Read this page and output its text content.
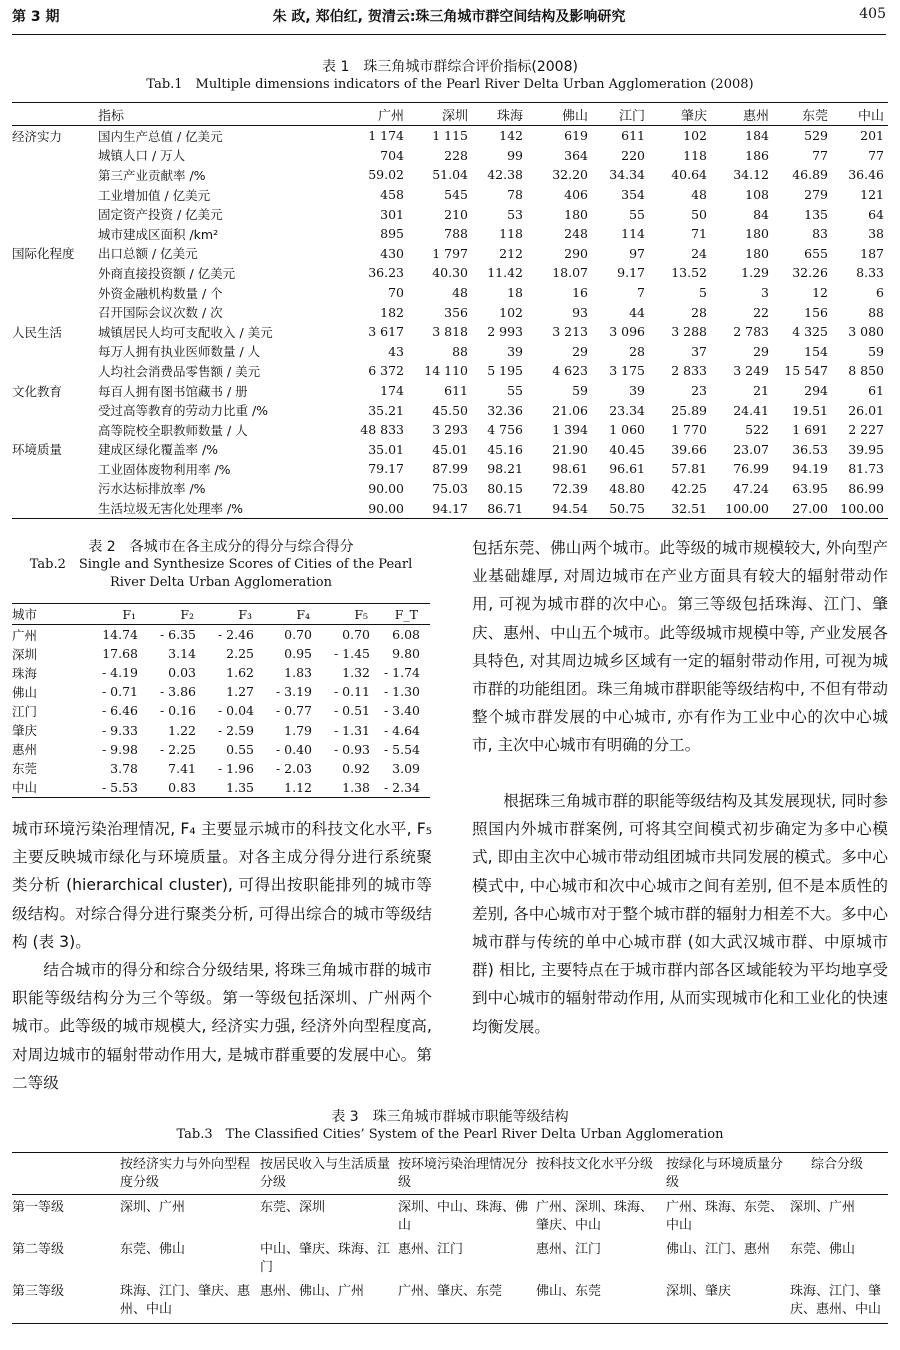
第 3 期	朱 政, 郑伯红, 贺清云:珠三角城市群空间结构及影响研究	405
表 1　珠三角城市群综合评价指标(2008)
Tab.1　Multiple dimensions indicators of the Pearl River Delta Urban Agglomeration (2008)
指标		广州	深圳	珠海	佛山	江门	肇庆	惠州	东莞	中山
经济实力	国内生产总值 / 亿美元	1 174	1 115	142	619	611	102	184	529	201
	城镇人口 / 万人	704	228	99	364	220	118	186	77	77
	第三产业贡献率 /%	59.02	51.04	42.38	32.20	34.34	40.64	34.12	46.89	36.46
	工业增加值 / 亿美元	458	545	78	406	354	48	108	279	121
	固定资产投资 / 亿美元	301	210	53	180	55	50	84	135	64
	城市建成区面积 /km²	895	788	118	248	114	71	180	83	38
国际化程度	出口总额 / 亿美元	430	1 797	212	290	97	24	180	655	187
	外商直接投资额 / 亿美元	36.23	40.30	11.42	18.07	9.17	13.52	1.29	32.26	8.33
	外资金融机构数量 / 个	70	48	18	16	7	5	3	12	6
	召开国际会议次数 / 次	182	356	102	93	44	28	22	156	88
人民生活	城镇居民人均可支配收入 / 美元	3 617	3 818	2 993	3 213	3 096	3 288	2 783	4 325	3 080
	每万人拥有执业医师数量 / 人	43	88	39	29	28	37	29	154	59
	人均社会消费品零售额 / 美元	6 372	14 110	5 195	4 623	3 175	2 833	3 249	15 547	8 850
文化教育	每百人拥有图书馆藏书 / 册	174	611	55	59	39	23	21	294	61
	受过高等教育的劳动力比重 /%	35.21	45.50	32.36	21.06	23.34	25.89	24.41	19.51	26.01
	高等院校全职教师数量 / 人	48 833	3 293	4 756	1 394	1 060	1 770	522	1 691	2 227
环境质量	建成区绿化覆盖率 /%	35.01	45.01	45.16	21.90	40.45	39.66	23.07	36.53	39.95
	工业固体废物利用率 /%	79.17	87.99	98.21	98.61	96.61	57.81	76.99	94.19	81.73
	污水达标排放率 /%	90.00	75.03	80.15	72.39	48.80	42.25	47.24	63.95	86.99
	生活垃圾无害化处理率 /%	90.00	94.17	86.71	94.54	50.75	32.51	100.00	27.00	100.00
表 2　各城市在各主成分的得分与综合得分
Tab.2　Single and Synthesize Scores of Cities of the Pearl
River Delta Urban Agglomeration
城市	F₁	F₂	F₃	F₄	F₅	F_T
广州	14.74	- 6.35	- 2.46	0.70	0.70	6.08
深圳	17.68	3.14	2.25	0.95	- 1.45	9.80
珠海	- 4.19	0.03	1.62	1.83	1.32	- 1.74
佛山	- 0.71	- 3.86	1.27	- 3.19	- 0.11	- 1.30
江门	- 6.46	- 0.16	- 0.04	- 0.77	- 0.51	- 3.40
肇庆	- 9.33	1.22	- 2.59	1.79	- 1.31	- 4.64
惠州	- 9.98	- 2.25	0.55	- 0.40	- 0.93	- 5.54
东莞	3.78	7.41	- 1.96	- 2.03	0.92	3.09
中山	- 5.53	0.83	1.35	1.12	1.38	- 2.34

城市环境污染治理情况, F₄ 主要显示城市的科技文化水平, F₅ 主要反映城市绿化与环境质量。对各主成分得分进行系统聚类分析 (hierarchical cluster), 可得出按职能排列的城市等级结构。对综合得分进行聚类分析, 可得出综合的城市等级结构 (表 3)。

结合城市的得分和综合分级结果, 将珠三角城市群的城市职能等级结构分为三个等级。第一等级包括深圳、广州两个城市。此等级的城市规模大, 经济实力强, 经济外向型程度高, 对周边城市的辐射带动作用大, 是城市群重要的发展中心。第二等级

包括东莞、佛山两个城市。此等级的城市规模较大, 外向型产业基础雄厚, 对周边城市在产业方面具有较大的辐射带动作用, 可视为城市群的次中心。第三等级包括珠海、江门、肇庆、惠州、中山五个城市。此等级城市规模中等, 产业发展各具特色, 对其周边城乡区域有一定的辐射带动作用, 可视为城市群的功能组团。珠三角城市群职能等级结构中, 不但有带动整个城市群发展的中心城市, 亦有作为工业中心的次中心城市, 主次中心城市有明确的分工。

根据珠三角城市群的职能等级结构及其发展现状, 同时参照国内外城市群案例, 可将其空间模式初步确定为多中心模式, 即由主次中心城市带动组团城市共同发展的模式。多中心模式中, 中心城市和次中心城市之间有差别, 但不是本质性的差别, 各中心城市对于整个城市群的辐射力相差不大。多中心城市群与传统的单中心城市群 (如大武汉城市群、中原城市群) 相比, 主要特点在于城市群内部各区域能较为平均地享受到中心城市的辐射带动作用, 从而实现城市化和工业化的快速均衡发展。

表 3　珠三角城市群城市职能等级结构
Tab.3　The Classified Cities’ System of the Pearl River Delta Urban Agglomeration
	按经济实力与外向型程度分级	按居民收入与生活质量分级	按环境污染治理情况分级	按科技文化水平分级	按绿化与环境质量分级	综合分级
第一等级	深圳、广州	东莞、深圳	深圳、中山、珠海、佛山	广州、深圳、珠海、肇庆、中山	广州、珠海、东莞、中山	深圳、广州
第二等级	东莞、佛山	中山、肇庆、珠海、江门	惠州、江门	惠州、江门	佛山、江门、惠州	东莞、佛山
第三等级	珠海、江门、肇庆、惠州、中山	惠州、佛山、广州	广州、肇庆、东莞	佛山、东莞	深圳、肇庆	珠海、江门、肇庆、惠州、中山
